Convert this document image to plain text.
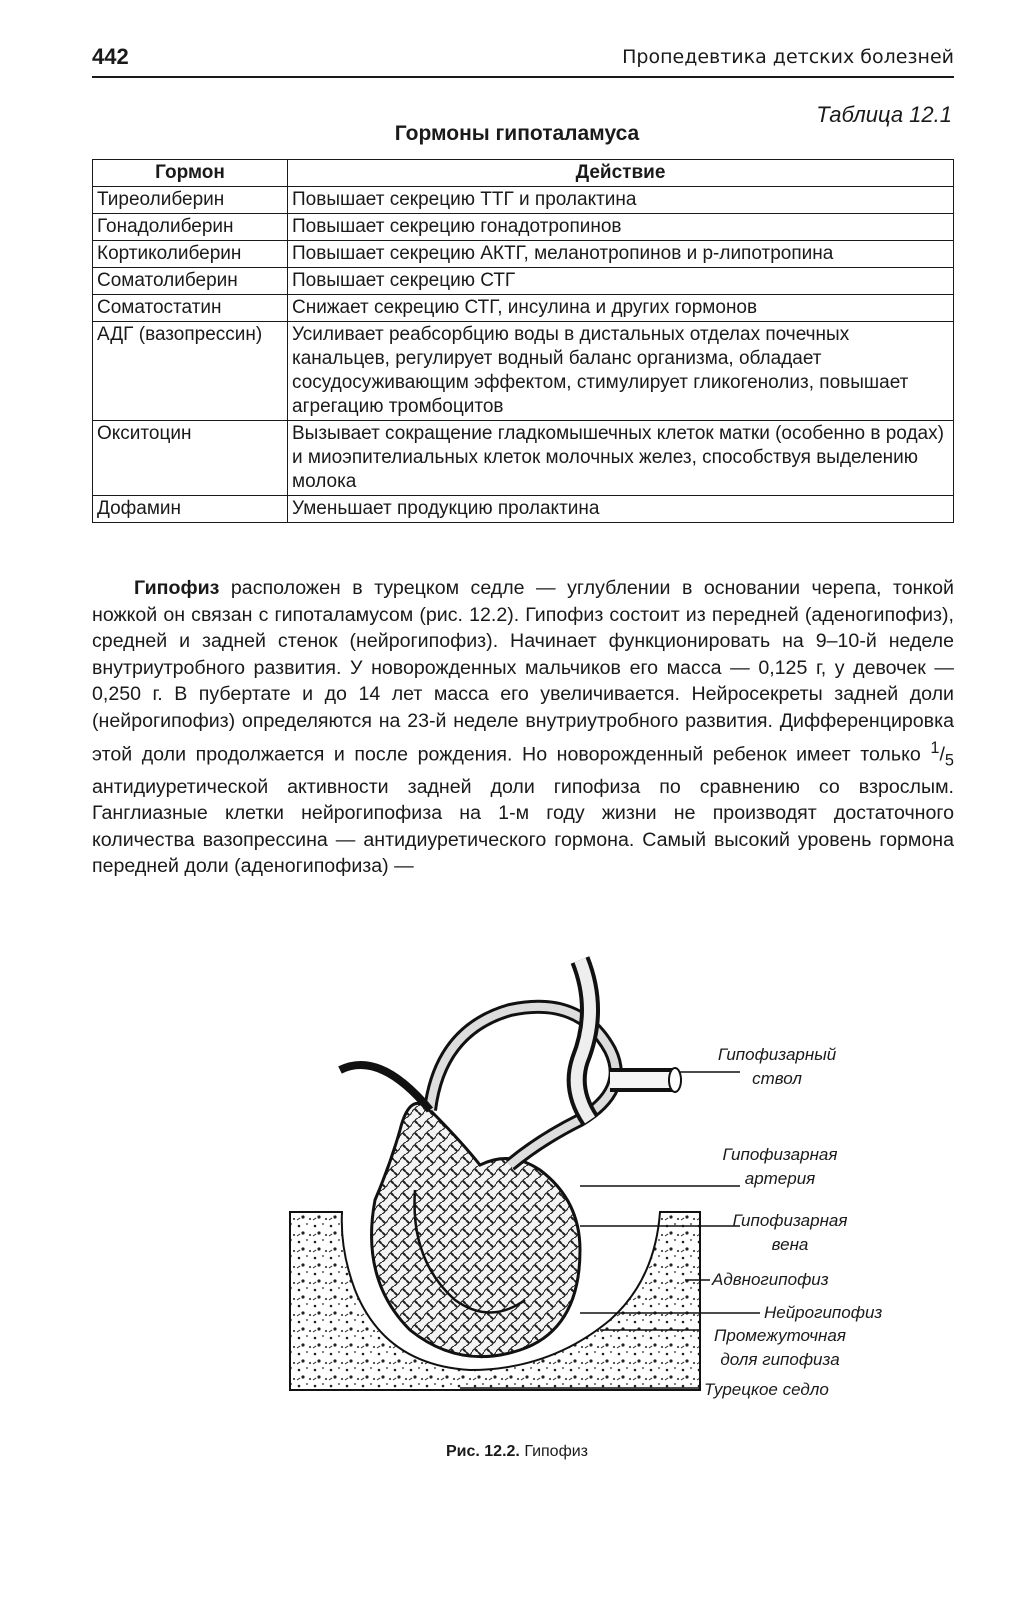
442	Пропедевтика детских болезней
Таблица 12.1
Гормоны гипоталамуса
Гормон	Действие
Тиреолиберин	Повышает секрецию ТТГ и пролактина
Гонадолиберин	Повышает секрецию гонадотропинов
Кортиколиберин	Повышает секрецию АКТГ, меланотропинов и р-липотропина
Соматолиберин	Повышает секрецию СТГ
Соматостатин	Снижает секрецию СТГ, инсулина и других гормонов
АДГ (вазопрессин)	Усиливает реабсорбцию воды в дистальных отделах почечных канальцев, регулирует водный баланс организма, обладает сосудосуживающим эффектом, стимулирует гликогенолиз, повышает агрегацию тромбоцитов
Окситоцин	Вызывает сокращение гладкомышечных клеток матки (особенно в родах) и миоэпителиальных клеток молочных желез, способствуя выделению молока
Дофамин	Уменьшает продукцию пролактина
Гипофиз расположен в турецком седле — углублении в основании черепа, тонкой ножкой он связан с гипоталамусом (рис. 12.2). Гипофиз состоит из передней (аденогипофиз), средней и задней стенок (нейрогипофиз). Начинает функционировать на 9–10-й неделе внутриутробного развития. У новорожденных мальчиков его масса — 0,125 г, у девочек — 0,250 г. В пубертате и до 14 лет масса его увеличивается. Нейросекреты задней доли (нейрогипофиз) определяются на 23-й неделе внутриутробного развития. Дифференцировка этой доли продолжается и после рождения. Но новорожденный ребенок имеет только $^1/_5$ антидиуретической активности задней доли гипофиза по сравнению со взрослым. Ганглиазные клетки нейрогипофиза на 1-м году жизни не производят достаточного количества вазопрессина — антидиуретического гормона. Самый высокий уровень гормона передней доли (аденогипофиза) —
Гипофизарный ствол
Гипофизарная артерия
Гипофизарная вена
Адвногипофиз
Нейрогипофиз
Промежуточная доля гипофиза
Турецкое седло
Рис. 12.2. Гипофиз
